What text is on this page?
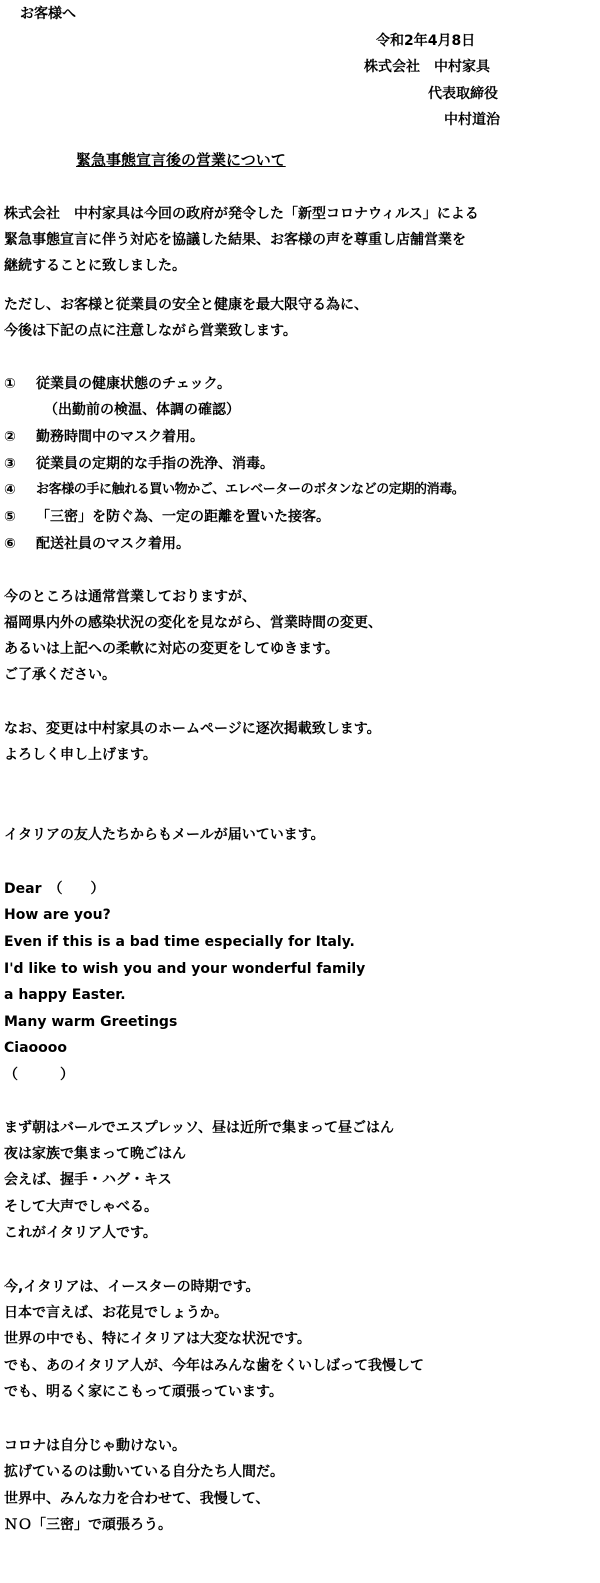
お客様へ
令和2年4月8日
株式会社　中村家具
代表取締役
中村道治
緊急事態宣言後の営業について
株式会社　中村家具は今回の政府が発令した「新型コロナウィルス」による
緊急事態宣言に伴う対応を協議した結果、お客様の声を尊重し店舗営業を
継続することに致しました。
ただし、お客様と従業員の安全と健康を最大限守る為に、
今後は下記の点に注意しながら営業致します。
① 従業員の健康状態のチェック。
（出勤前の検温、体調の確認）
② 勤務時間中のマスク着用。
③ 従業員の定期的な手指の洗浄、消毒。
④ お客様の手に触れる買い物かご、エレベーターのボタンなどの定期的消毒。
⑤ 「三密」を防ぐ為、一定の距離を置いた接客。
⑥ 配送社員のマスク着用。
今のところは通常営業しておりますが、
福岡県内外の感染状況の変化を見ながら、営業時間の変更、
あるいは上記への柔軟に対応の変更をしてゆきます。
ご了承ください。
なお、変更は中村家具のホームページに逐次掲載致します。
よろしく申し上げます。
イタリアの友人たちからもメールが届いています。
Dear　（　　）
How are you?
Even if this is a bad time especially for Italy.
I'd like to wish you and your wonderful family
a happy Easter.
Many warm Greetings
Ciaoooo
（　　　）
まず朝はバールでエスプレッソ、昼は近所で集まって昼ごはん
夜は家族で集まって晩ごはん
会えば、握手・ハグ・キス
そして大声でしゃべる。
これがイタリア人です。
今,イタリアは、イースターの時期です。
日本で言えば、お花見でしょうか。
世界の中でも、特にイタリアは大変な状況です。
でも、あのイタリア人が、今年はみんな歯をくいしばって我慢して
でも、明るく家にこもって頑張っています。
コロナは自分じゃ動けない。
拡げているのは動いている自分たち人間だ。
世界中、みんな力を合わせて、我慢して、
ＮＯ「三密」で頑張ろう。
